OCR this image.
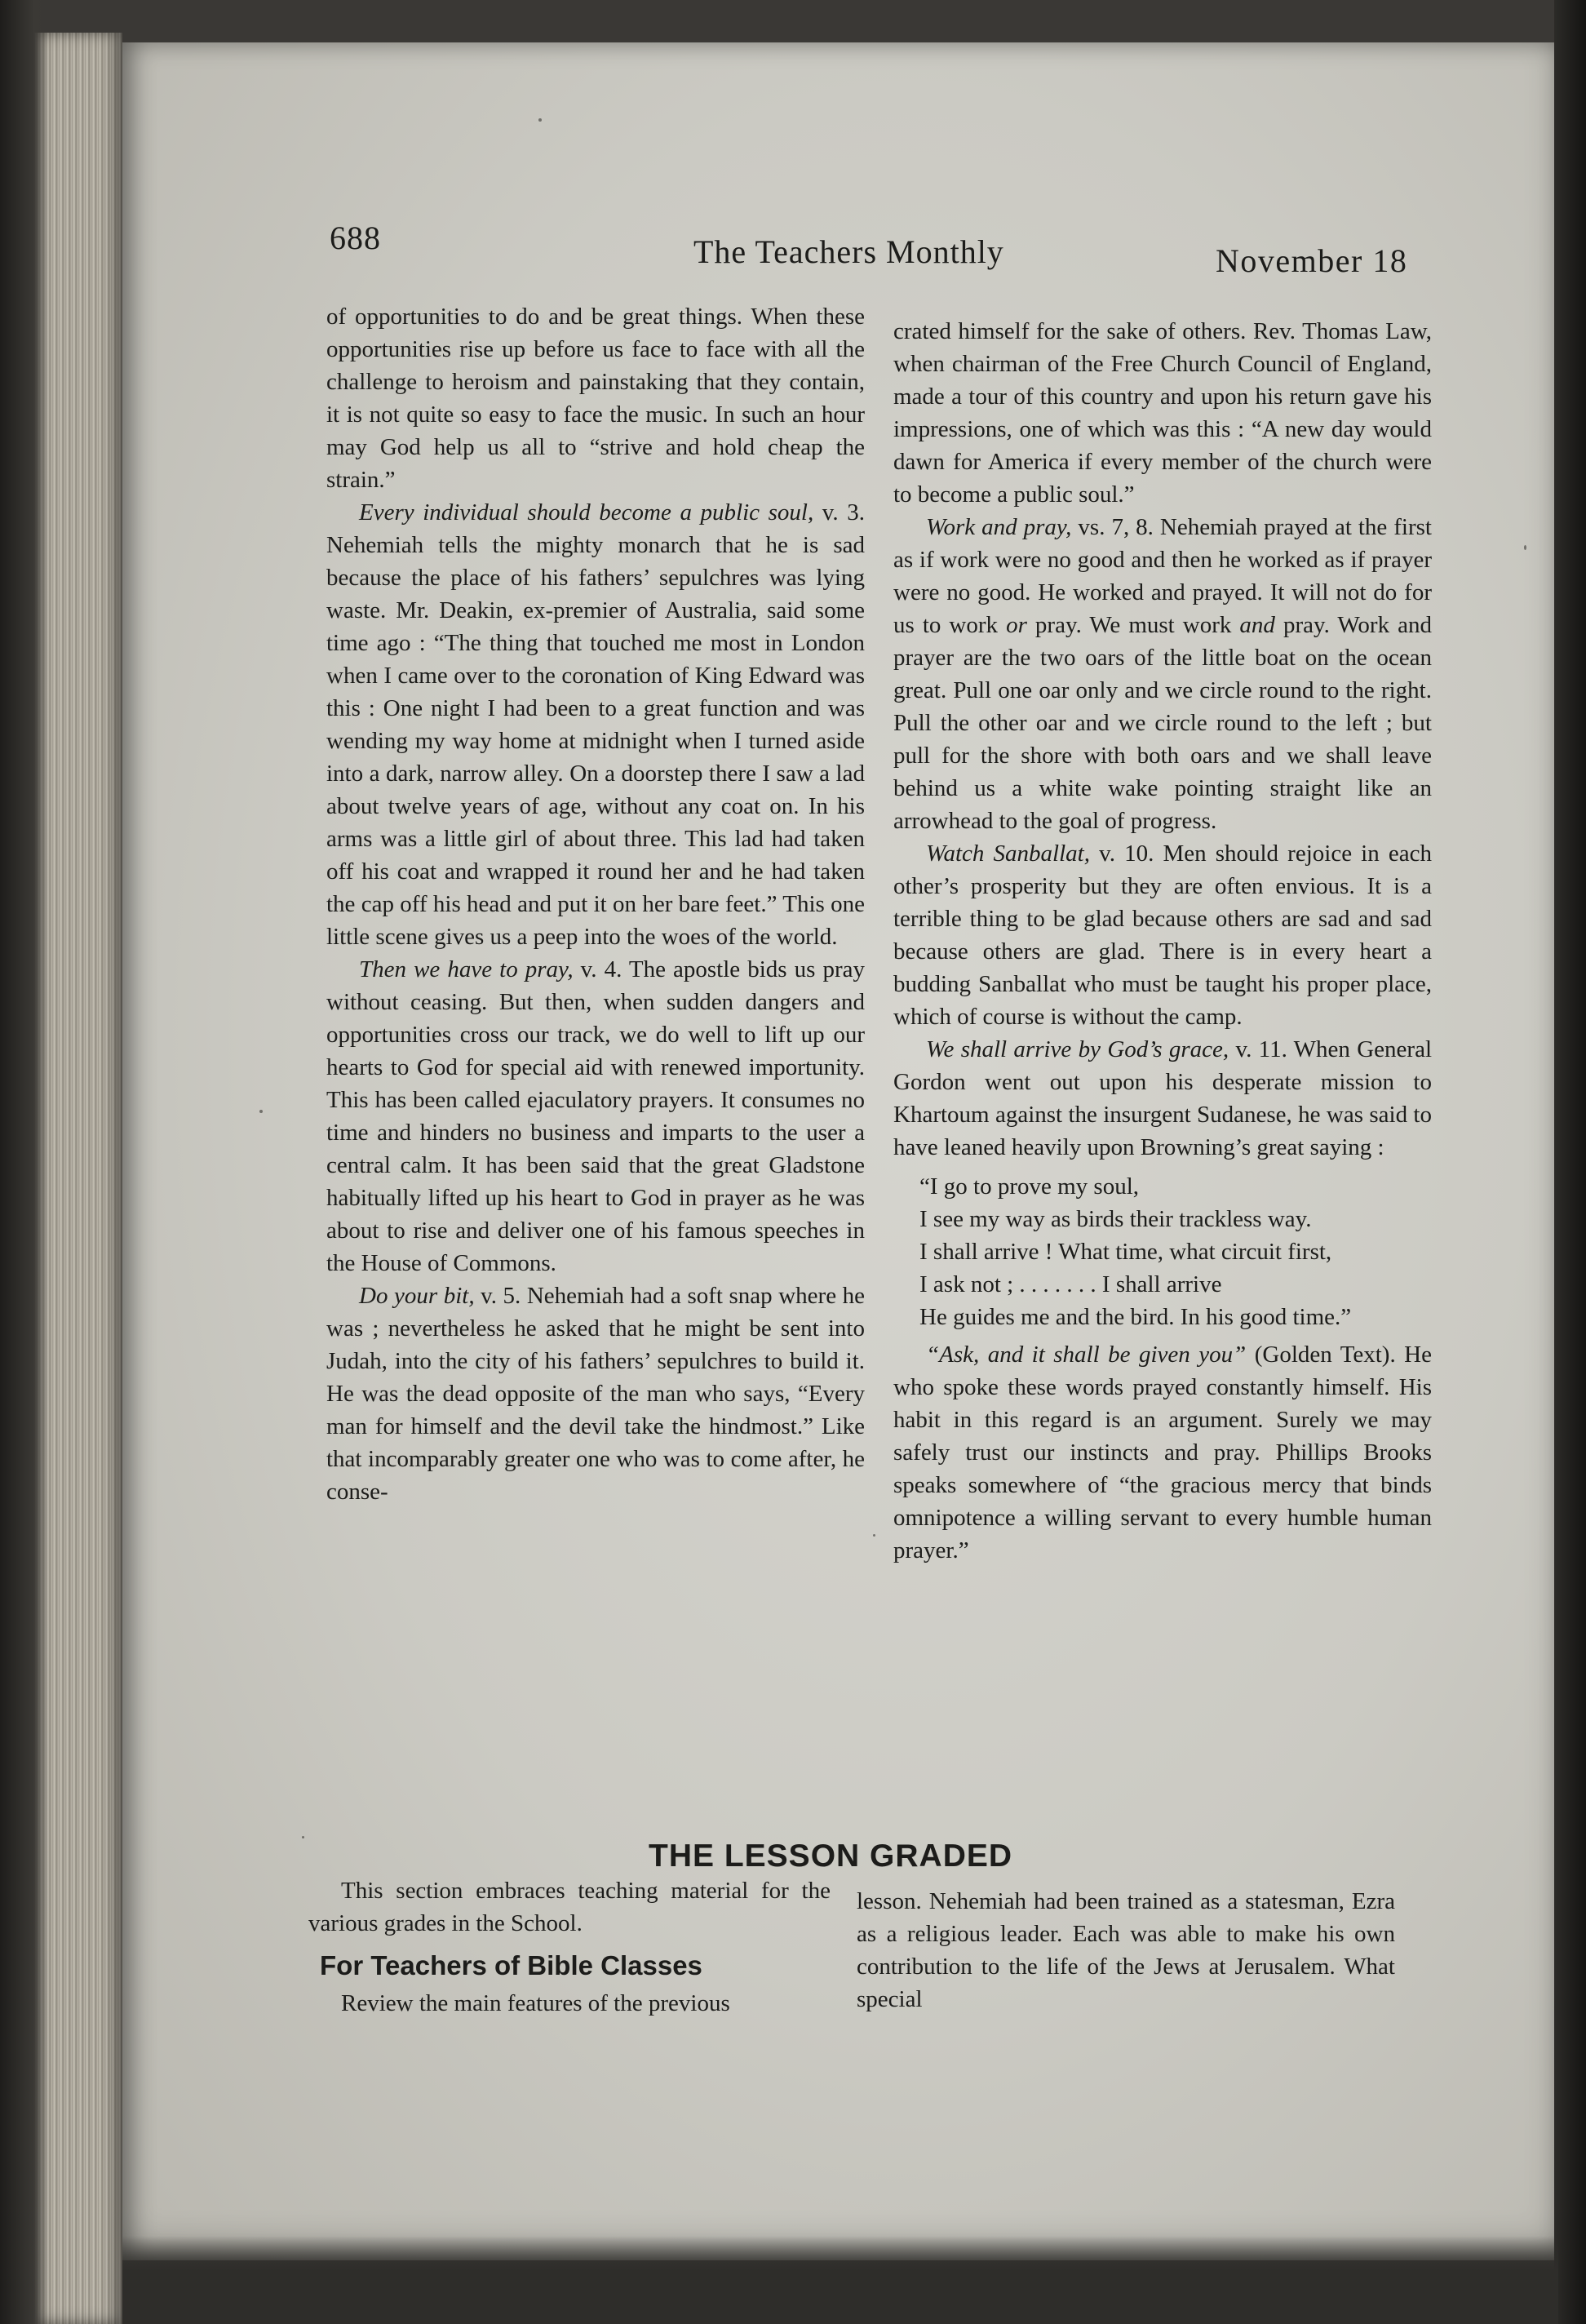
688	The Teachers Monthly	November 18

of opportunities to do and be great things. When these opportunities rise up before us face to face with all the challenge to heroism and painstaking that they contain, it is not quite so easy to face the music. In such an hour may God help us all to “strive and hold cheap the strain.”

Every individual should become a public soul, v. 3. Nehemiah tells the mighty monarch that he is sad because the place of his fathers’ sepulchres was lying waste. Mr. Deakin, ex-premier of Australia, said some time ago : “The thing that touched me most in London when I came over to the coronation of King Edward was this : One night I had been to a great function and was wending my way home at midnight when I turned aside into a dark, narrow alley. On a doorstep there I saw a lad about twelve years of age, without any coat on. In his arms was a little girl of about three. This lad had taken off his coat and wrapped it round her and he had taken the cap off his head and put it on her bare feet.” This one little scene gives us a peep into the woes of the world.

Then we have to pray, v. 4. The apostle bids us pray without ceasing. But then, when sudden dangers and opportunities cross our track, we do well to lift up our hearts to God for special aid with renewed importunity. This has been called ejaculatory prayers. It consumes no time and hinders no business and imparts to the user a central calm. It has been said that the great Gladstone habitually lifted up his heart to God in prayer as he was about to rise and deliver one of his famous speeches in the House of Commons.

Do your bit, v. 5. Nehemiah had a soft snap where he was ; nevertheless he asked that he might be sent into Judah, into the city of his fathers’ sepulchres to build it. He was the dead opposite of the man who says, “Every man for himself and the devil take the hindmost.” Like that incomparably greater one who was to come after, he conse-

crated himself for the sake of others. Rev. Thomas Law, when chairman of the Free Church Council of England, made a tour of this country and upon his return gave his impressions, one of which was this : “A new day would dawn for America if every member of the church were to become a public soul.”

Work and pray, vs. 7, 8. Nehemiah prayed at the first as if work were no good and then he worked as if prayer were no good. He worked and prayed. It will not do for us to work or pray. We must work and pray. Work and prayer are the two oars of the little boat on the ocean great. Pull one oar only and we circle round to the right. Pull the other oar and we circle round to the left ; but pull for the shore with both oars and we shall leave behind us a white wake pointing straight like an arrowhead to the goal of progress.

Watch Sanballat, v. 10. Men should rejoice in each other’s prosperity but they are often envious. It is a terrible thing to be glad because others are sad and sad because others are glad. There is in every heart a budding Sanballat who must be taught his proper place, which of course is without the camp.

We shall arrive by God’s grace, v. 11. When General Gordon went out upon his desperate mission to Khartoum against the insurgent Sudanese, he was said to have leaned heavily upon Browning’s great saying :

“I go to prove my soul,
I see my way as birds their trackless way.
I shall arrive ! What time, what circuit first,
I ask not ; . . . . . . . I shall arrive
He guides me and the bird. In his good time.”

“Ask, and it shall be given you” (Golden Text). He who spoke these words prayed constantly himself. His habit in this regard is an argument. Surely we may safely trust our instincts and pray. Phillips Brooks speaks somewhere of “the gracious mercy that binds omnipotence a willing servant to every humble human prayer.”

THE LESSON GRADED

This section embraces teaching material for the various grades in the School.

For Teachers of Bible Classes

Review the main features of the previous

lesson. Nehemiah had been trained as a statesman, Ezra as a religious leader. Each was able to make his own contribution to the life of the Jews at Jerusalem. What special
